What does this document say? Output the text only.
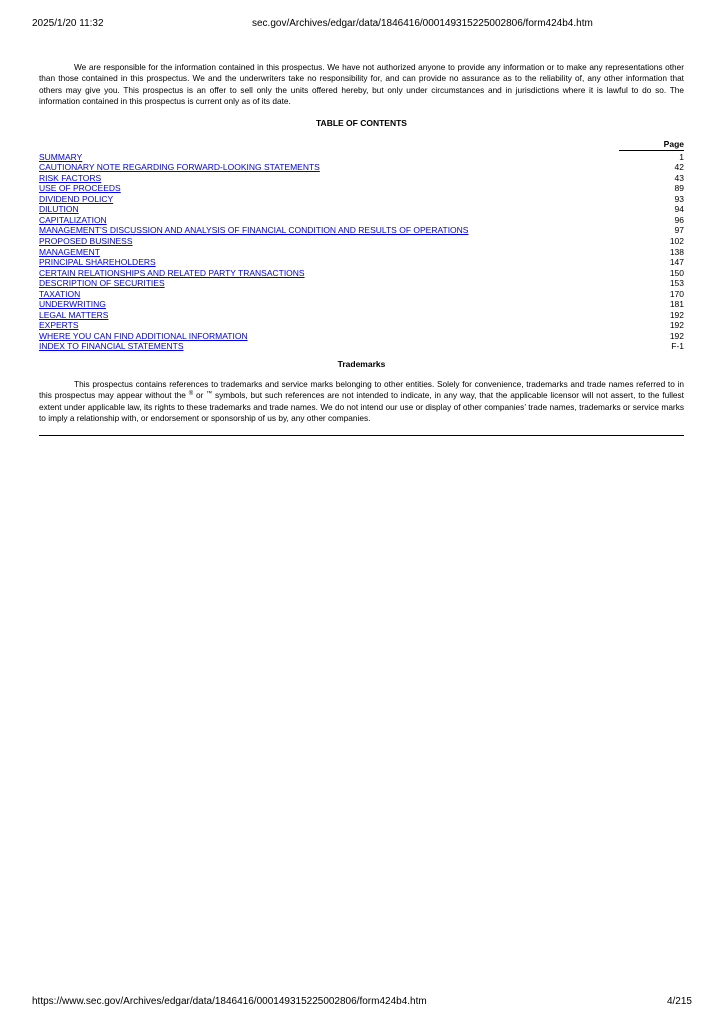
2025/1/20 11:32	sec.gov/Archives/edgar/data/1846416/000149315225002806/form424b4.htm

We are responsible for the information contained in this prospectus. We have not authorized anyone to provide any information or to make any representations other than those contained in this prospectus. We and the underwriters take no responsibility for, and can provide no assurance as to the reliability of, any other information that others may give you. This prospectus is an offer to sell only the units offered hereby, but only under circumstances and in jurisdictions where it is lawful to do so. The information contained in this prospectus is current only as of its date.

TABLE OF CONTENTS
Page
SUMMARY	1
CAUTIONARY NOTE REGARDING FORWARD-LOOKING STATEMENTS	42
RISK FACTORS	43
USE OF PROCEEDS	89
DIVIDEND POLICY	93
DILUTION	94
CAPITALIZATION	96
MANAGEMENT’S DISCUSSION AND ANALYSIS OF FINANCIAL CONDITION AND RESULTS OF OPERATIONS	97
PROPOSED BUSINESS	102
MANAGEMENT	138
PRINCIPAL SHAREHOLDERS	147
CERTAIN RELATIONSHIPS AND RELATED PARTY TRANSACTIONS	150
DESCRIPTION OF SECURITIES	153
TAXATION	170
UNDERWRITING	181
LEGAL MATTERS	192
EXPERTS	192
WHERE YOU CAN FIND ADDITIONAL INFORMATION	192
INDEX TO FINANCIAL STATEMENTS	F-1
Trademarks

This prospectus contains references to trademarks and service marks belonging to other entities. Solely for convenience, trademarks and trade names referred to in this prospectus may appear without the ® or ™ symbols, but such references are not intended to indicate, in any way, that the applicable licensor will not assert, to the fullest extent under applicable law, its rights to these trademarks and trade names. We do not intend our use or display of other companies’ trade names, trademarks or service marks to imply a relationship with, or endorsement or sponsorship of us by, any other companies.

https://www.sec.gov/Archives/edgar/data/1846416/000149315225002806/form424b4.htm	4/215
